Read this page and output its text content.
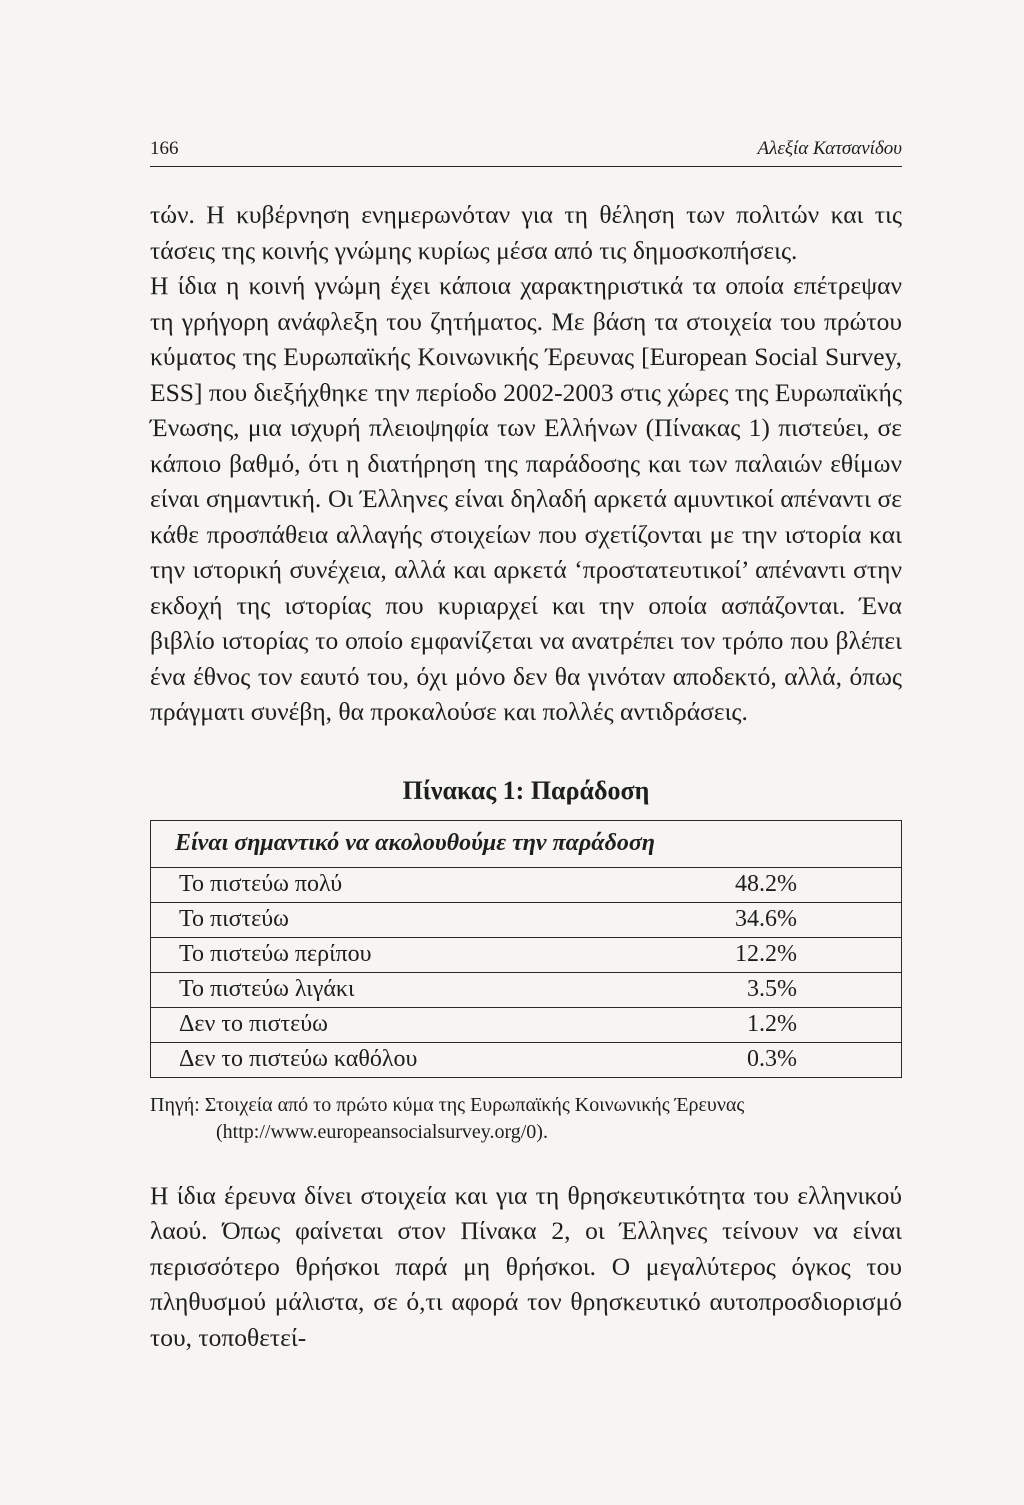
166	Αλεξία Κατσανίδου

τών. Η κυβέρνηση ενημερωνόταν για τη θέληση των πολιτών και τις τάσεις της κοινής γνώμης κυρίως μέσα από τις δημοσκοπήσεις.

Η ίδια η κοινή γνώμη έχει κάποια χαρακτηριστικά τα οποία επέτρεψαν τη γρήγορη ανάφλεξη του ζητήματος. Με βάση τα στοιχεία του πρώτου κύματος της Ευρωπαϊκής Κοινωνικής Έρευνας [European Social Survey, ESS] που διεξήχθηκε την περίοδο 2002-2003 στις χώρες της Ευρωπαϊκής Ένωσης, μια ισχυρή πλειοψηφία των Ελλήνων (Πίνακας 1) πιστεύει, σε κάποιο βαθμό, ότι η διατήρηση της παράδοσης και των παλαιών εθίμων είναι σημαντική. Οι Έλληνες είναι δηλαδή αρκετά αμυντικοί απέναντι σε κάθε προσπάθεια αλλαγής στοιχείων που σχετίζονται με την ιστορία και την ιστορική συνέχεια, αλλά και αρκετά ‘προστατευτικοί’ απέναντι στην εκδοχή της ιστορίας που κυριαρχεί και την οποία ασπάζονται. Ένα βιβλίο ιστορίας το οποίο εμφανίζεται να ανατρέπει τον τρόπο που βλέπει ένα έθνος τον εαυτό του, όχι μόνο δεν θα γινόταν αποδεκτό, αλλά, όπως πράγματι συνέβη, θα προκαλούσε και πολλές αντιδράσεις.

Πίνακας 1: Παράδοση
Είναι σημαντικό να ακολουθούμε την παράδοση	
Το πιστεύω πολύ	48.2%
Το πιστεύω	34.6%
Το πιστεύω περίπου	12.2%
Το πιστεύω λιγάκι	3.5%
Δεν το πιστεύω	1.2%
Δεν το πιστεύω καθόλου	0.3%
Πηγή: Στοιχεία από το πρώτο κύμα της Ευρωπαϊκής Κοινωνικής Έρευνας
(http://www.europeansocialsurvey.org/0).

Η ίδια έρευνα δίνει στοιχεία και για τη θρησκευτικότητα του ελληνικού λαού. Όπως φαίνεται στον Πίνακα 2, οι Έλληνες τείνουν να είναι περισσότερο θρήσκοι παρά μη θρήσκοι. Ο μεγαλύτερος όγκος του πληθυσμού μάλιστα, σε ό,τι αφορά τον θρησκευτικό αυτοπροσδιορισμό του, τοποθετεί-
